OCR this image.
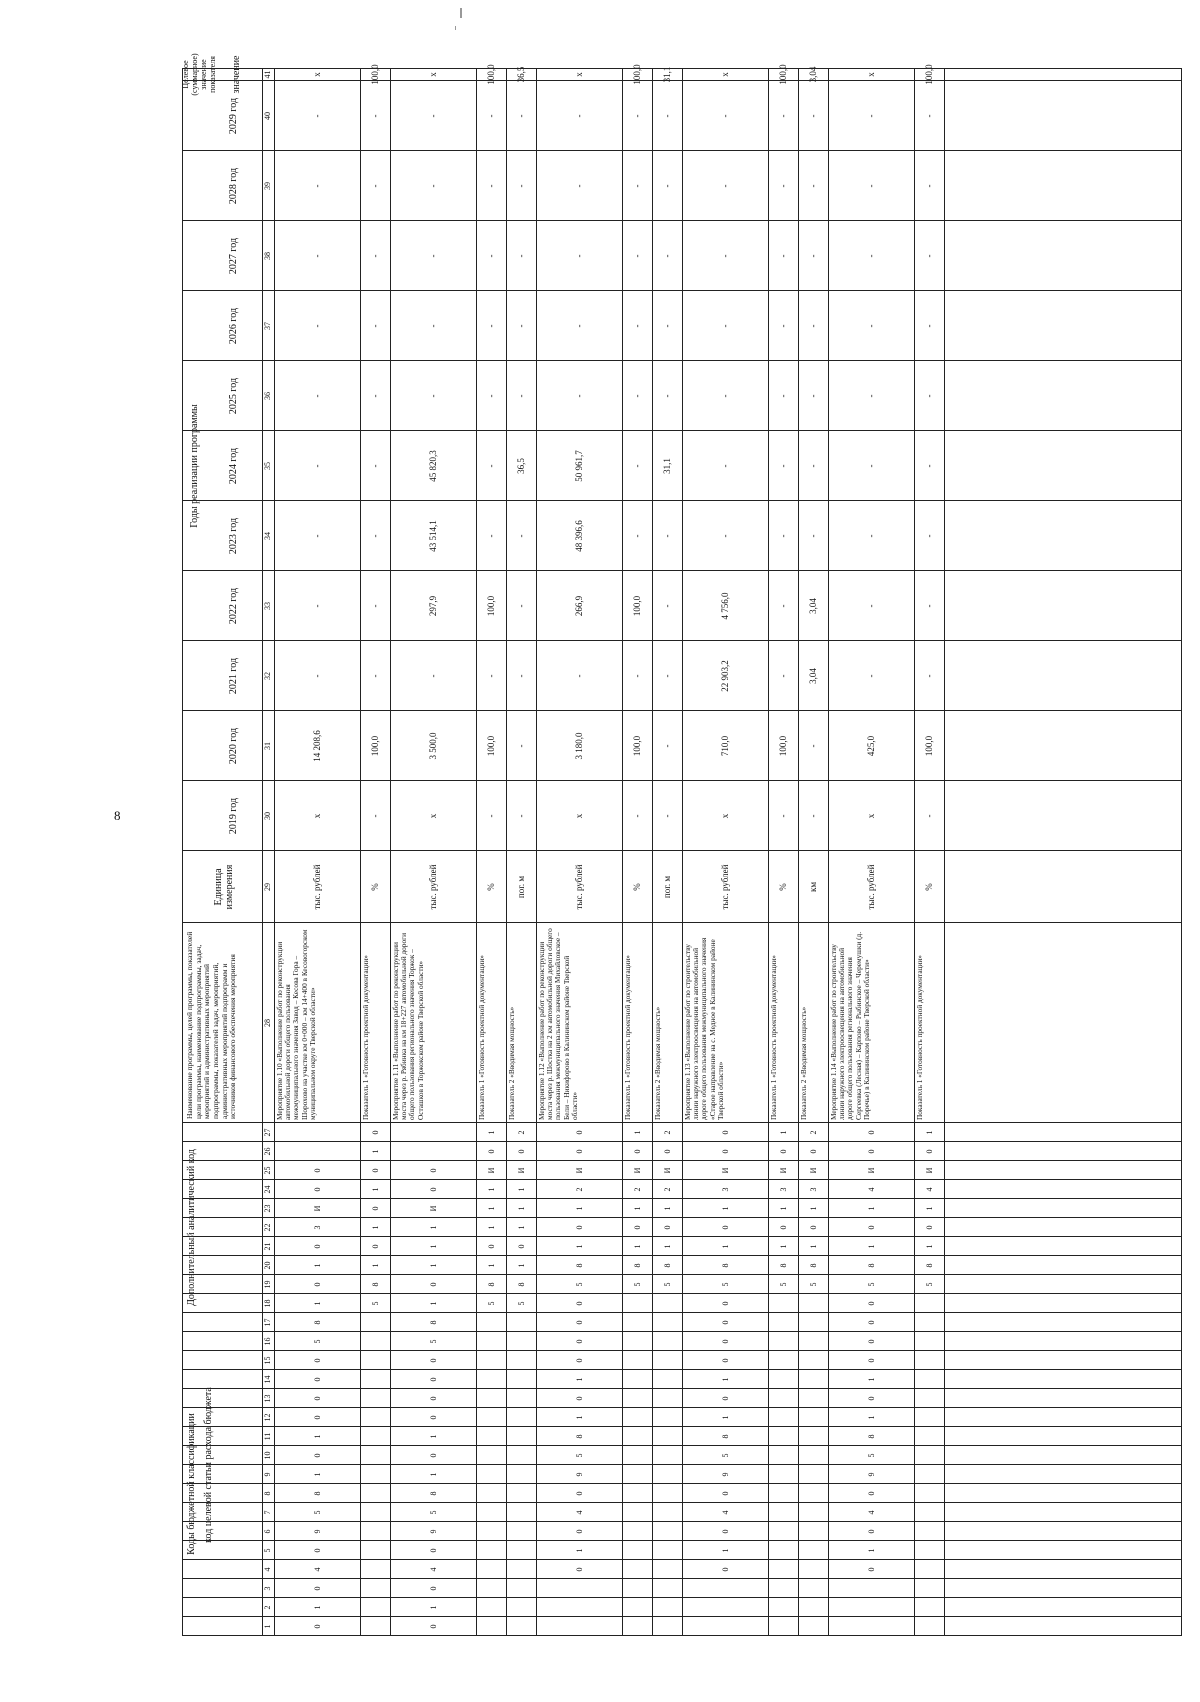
8
Коды бюджетной классификации
Дополнительный аналитический код
код целевой статьи расхода бюджета
Наименование программы, целей программы, показателей цели программы, наименование подпрограммы, задач, мероприятий и административных мероприятий подпрограммы, показателей задач, мероприятий, административных мероприятий подпрограмм и источников финансового обеспечения мероприятия
Единица измерения
Годы реализации программы
Целевое (суммарное) значение показателя	значение
2019 год
2020 год
2021 год
2022 год
2023 год
2024 год
2025 год
2026 год
2027 год
2028 год
2029 год
1
2
3
4
5
6
7
8
9
10
11
12
13
14
15
16
17
18
19
20
21
22
23
24
25
26
27
28
29
30
31
32
33
34
35
36
37
38
39
40
41
0
1
0
4
0
9
5
8
1
0
1
0
0
0
0
5
8
1
0
1
0
3
И
0
0
Мероприятие 1.10 «Выполнение работ по реконструкции автомобильной дороги общего пользования межмуниципального значения Завод – Кесова Гора – Шорохово на участке км 0+000 – км 14+400 в Кесовогорском муниципальном округе Тверской области»
тыс. рублей
x
14 208,6
-
-
-
-
-
-
-
-
-
x
5
8
1
0
1
0
1
0
1
0
Показатель 1 «Готовность проектной документации»
%
-
100,0
-
-
-
-
-
-
-
-
-
100,0
0
1
0
4
0
9
5
8
1
0
1
0
0
0
0
5
8
1
0
1
1
1
И
0
0
Мероприятие 1.11 «Выполнение работ по реконструкции моста через р. Рябинка на км 18+227 автомобильной дороги общего пользования регионального значения Торжок – Осташков в Торжокском районе Тверской области»
тыс. рублей
x
3 500,0
-
297,9
43 514,1
45 820,3
-
-
-
-
-
x
5
8
1
0
1
1
1
И
0
1
Показатель 1 «Готовность проектной документации»
%
-
100,0
-
100,0
-
-
-
-
-
-
-
100,0
5
8
1
0
1
1
1
И
0
2
Показатель 2 «Вводимая мощность»
пог. м
-
-
-
-
-
36,5
-
-
-
-
-
36,5
0
1
0
4
0
9
5
8
1
0
1
0
0
0
0
5
8
1
0
1
2
И
0
0
Мероприятие 1.12 «Выполнение работ по реконструкции моста через р. Шостка на 2 км автомобильной дороги общего пользования межмуниципального значения Михайловское – Бели – Никифорово в Калининском районе Тверской области»
тыс. рублей
x
3 180,0
-
266,9
48 396,6
50 961,7
-
-
-
-
-
x
5
8
1
0
1
2
И
0
1
Показатель 1 «Готовность проектной документации»
%
-
100,0
-
100,0
-
-
-
-
-
-
-
100,0
5
8
1
0
1
2
И
0
2
Показатель 2 «Вводимая мощность»
пог. м
-
-
-
-
-
31,1
-
-
-
-
-
31,1
0
1
0
4
0
9
5
8
1
0
1
0
0
0
0
5
8
1
0
1
3
И
0
0
Мероприятие 1.13 «Выполнение работ по строительству линии наружного электроосвещения на автомобильной дороге общего пользования межмуниципального значения «Старое направление на с. Медное в Калининском районе Тверской области»
тыс. рублей
x
710,0
22 903,2
4 756,0
-
-
-
-
-
-
-
x
5
8
1
0
1
3
И
0
1
Показатель 1 «Готовность проектной документации»
%
-
100,0
-
-
-
-
-
-
-
-
-
100,0
5
8
1
0
1
3
И
0
2
Показатель 2 «Вводимая мощность»
км
-
-
3,04
3,04
-
-
-
-
-
-
-
3,04
0
1
0
4
0
9
5
8
1
0
1
0
0
0
0
5
8
1
0
1
4
И
0
0
Мероприятие 1.14 «Выполнение работ по строительству линии наружного электроосвещения на автомобильной дороге общего пользования регионального значения Сергеевка (Лесная) – Карпово – Рыбинское – Черемушки (д. Поречье) в Калининском районе Тверской области»
тыс. рублей
x
425,0
-
-
-
-
-
-
-
-
-
x
5
8
1
0
1
4
И
0
1
Показатель 1 «Готовность проектной документации»
%
-
100,0
-
-
-
-
-
-
-
-
-
100,0
